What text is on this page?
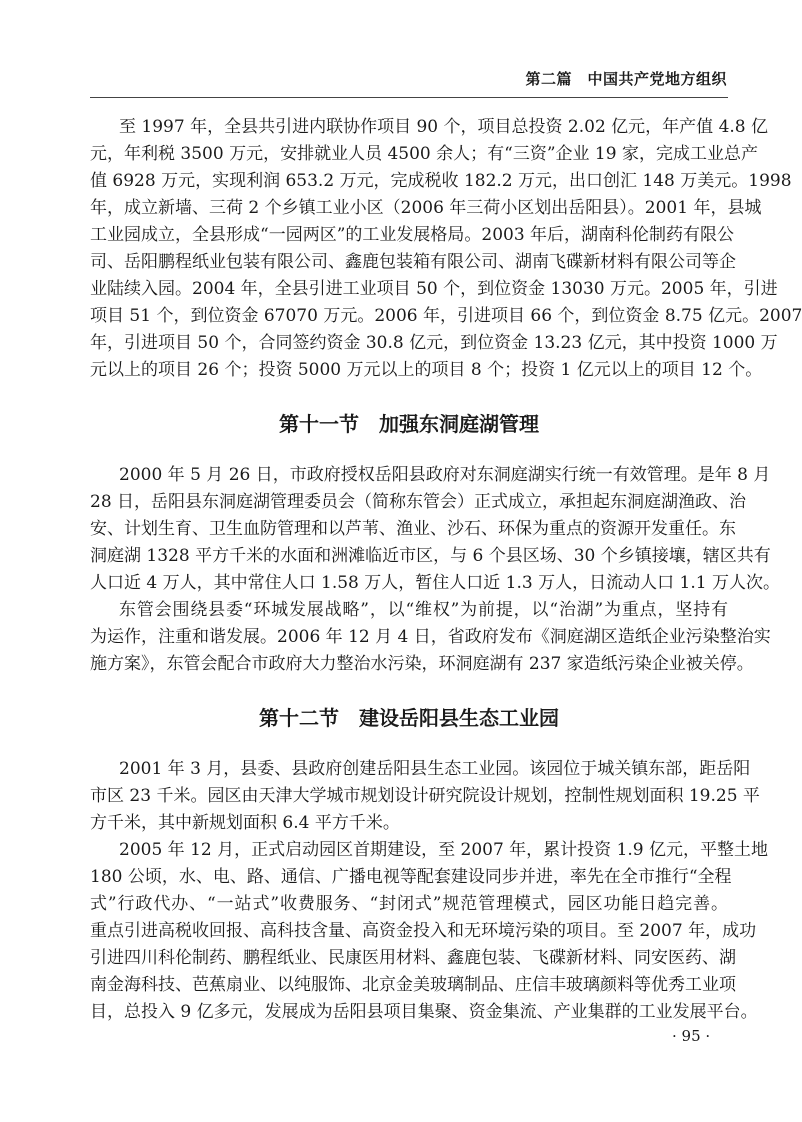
第二篇　中国共产党地方组织
至 1997 年，全县共引进内联协作项目 90 个，项目总投资 2.02 亿元，年产值 4.8 亿
元，年利税 3500 万元，安排就业人员 4500 余人；有“三资”企业 19 家，完成工业总产
值 6928 万元，实现利润 653.2 万元，完成税收 182.2 万元，出口创汇 148 万美元。1998
年，成立新墙、三荷 2 个乡镇工业小区（2006 年三荷小区划出岳阳县）。2001 年，县城
工业园成立，全县形成“一园两区”的工业发展格局。2003 年后，湖南科伦制药有限公
司、岳阳鹏程纸业包装有限公司、鑫鹿包装箱有限公司、湖南飞碟新材料有限公司等企
业陆续入园。2004 年，全县引进工业项目 50 个，到位资金 13030 万元。2005 年，引进
项目 51 个，到位资金 67070 万元。2006 年，引进项目 66 个，到位资金 8.75 亿元。2007
年，引进项目 50 个，合同签约资金 30.8 亿元，到位资金 13.23 亿元，其中投资 1000 万
元以上的项目 26 个；投资 5000 万元以上的项目 8 个；投资 1 亿元以上的项目 12 个。
第十一节　加强东洞庭湖管理
2000 年 5 月 26 日，市政府授权岳阳县政府对东洞庭湖实行统一有效管理。是年 8 月
28 日，岳阳县东洞庭湖管理委员会（简称东管会）正式成立，承担起东洞庭湖渔政、治
安、计划生育、卫生血防管理和以芦苇、渔业、沙石、环保为重点的资源开发重任。东
洞庭湖 1328 平方千米的水面和洲滩临近市区，与 6 个县区场、30 个乡镇接壤，辖区共有
人口近 4 万人，其中常住人口 1.58 万人，暂住人口近 1.3 万人，日流动人口 1.1 万人次。
东管会围绕县委“环城发展战略”，以“维权”为前提，以“治湖”为重点，坚持有
为运作，注重和谐发展。2006 年 12 月 4 日，省政府发布《洞庭湖区造纸企业污染整治实
施方案》，东管会配合市政府大力整治水污染，环洞庭湖有 237 家造纸污染企业被关停。
第十二节　建设岳阳县生态工业园
2001 年 3 月，县委、县政府创建岳阳县生态工业园。该园位于城关镇东部，距岳阳
市区 23 千米。园区由天津大学城市规划设计研究院设计规划，控制性规划面积 19.25 平
方千米，其中新规划面积 6.4 平方千米。
2005 年 12 月，正式启动园区首期建设，至 2007 年，累计投资 1.9 亿元，平整土地
180 公顷，水、电、路、通信、广播电视等配套建设同步并进，率先在全市推行“全程
式”行政代办、“一站式”收费服务、“封闭式”规范管理模式，园区功能日趋完善。
重点引进高税收回报、高科技含量、高资金投入和无环境污染的项目。至 2007 年，成功
引进四川科伦制药、鹏程纸业、民康医用材料、鑫鹿包装、飞碟新材料、同安医药、湖
南金海科技、芭蕉扇业、以纯服饰、北京金美玻璃制品、庄信丰玻璃颜料等优秀工业项
目，总投入 9 亿多元，发展成为岳阳县项目集聚、资金集流、产业集群的工业发展平台。
· 95 ·
